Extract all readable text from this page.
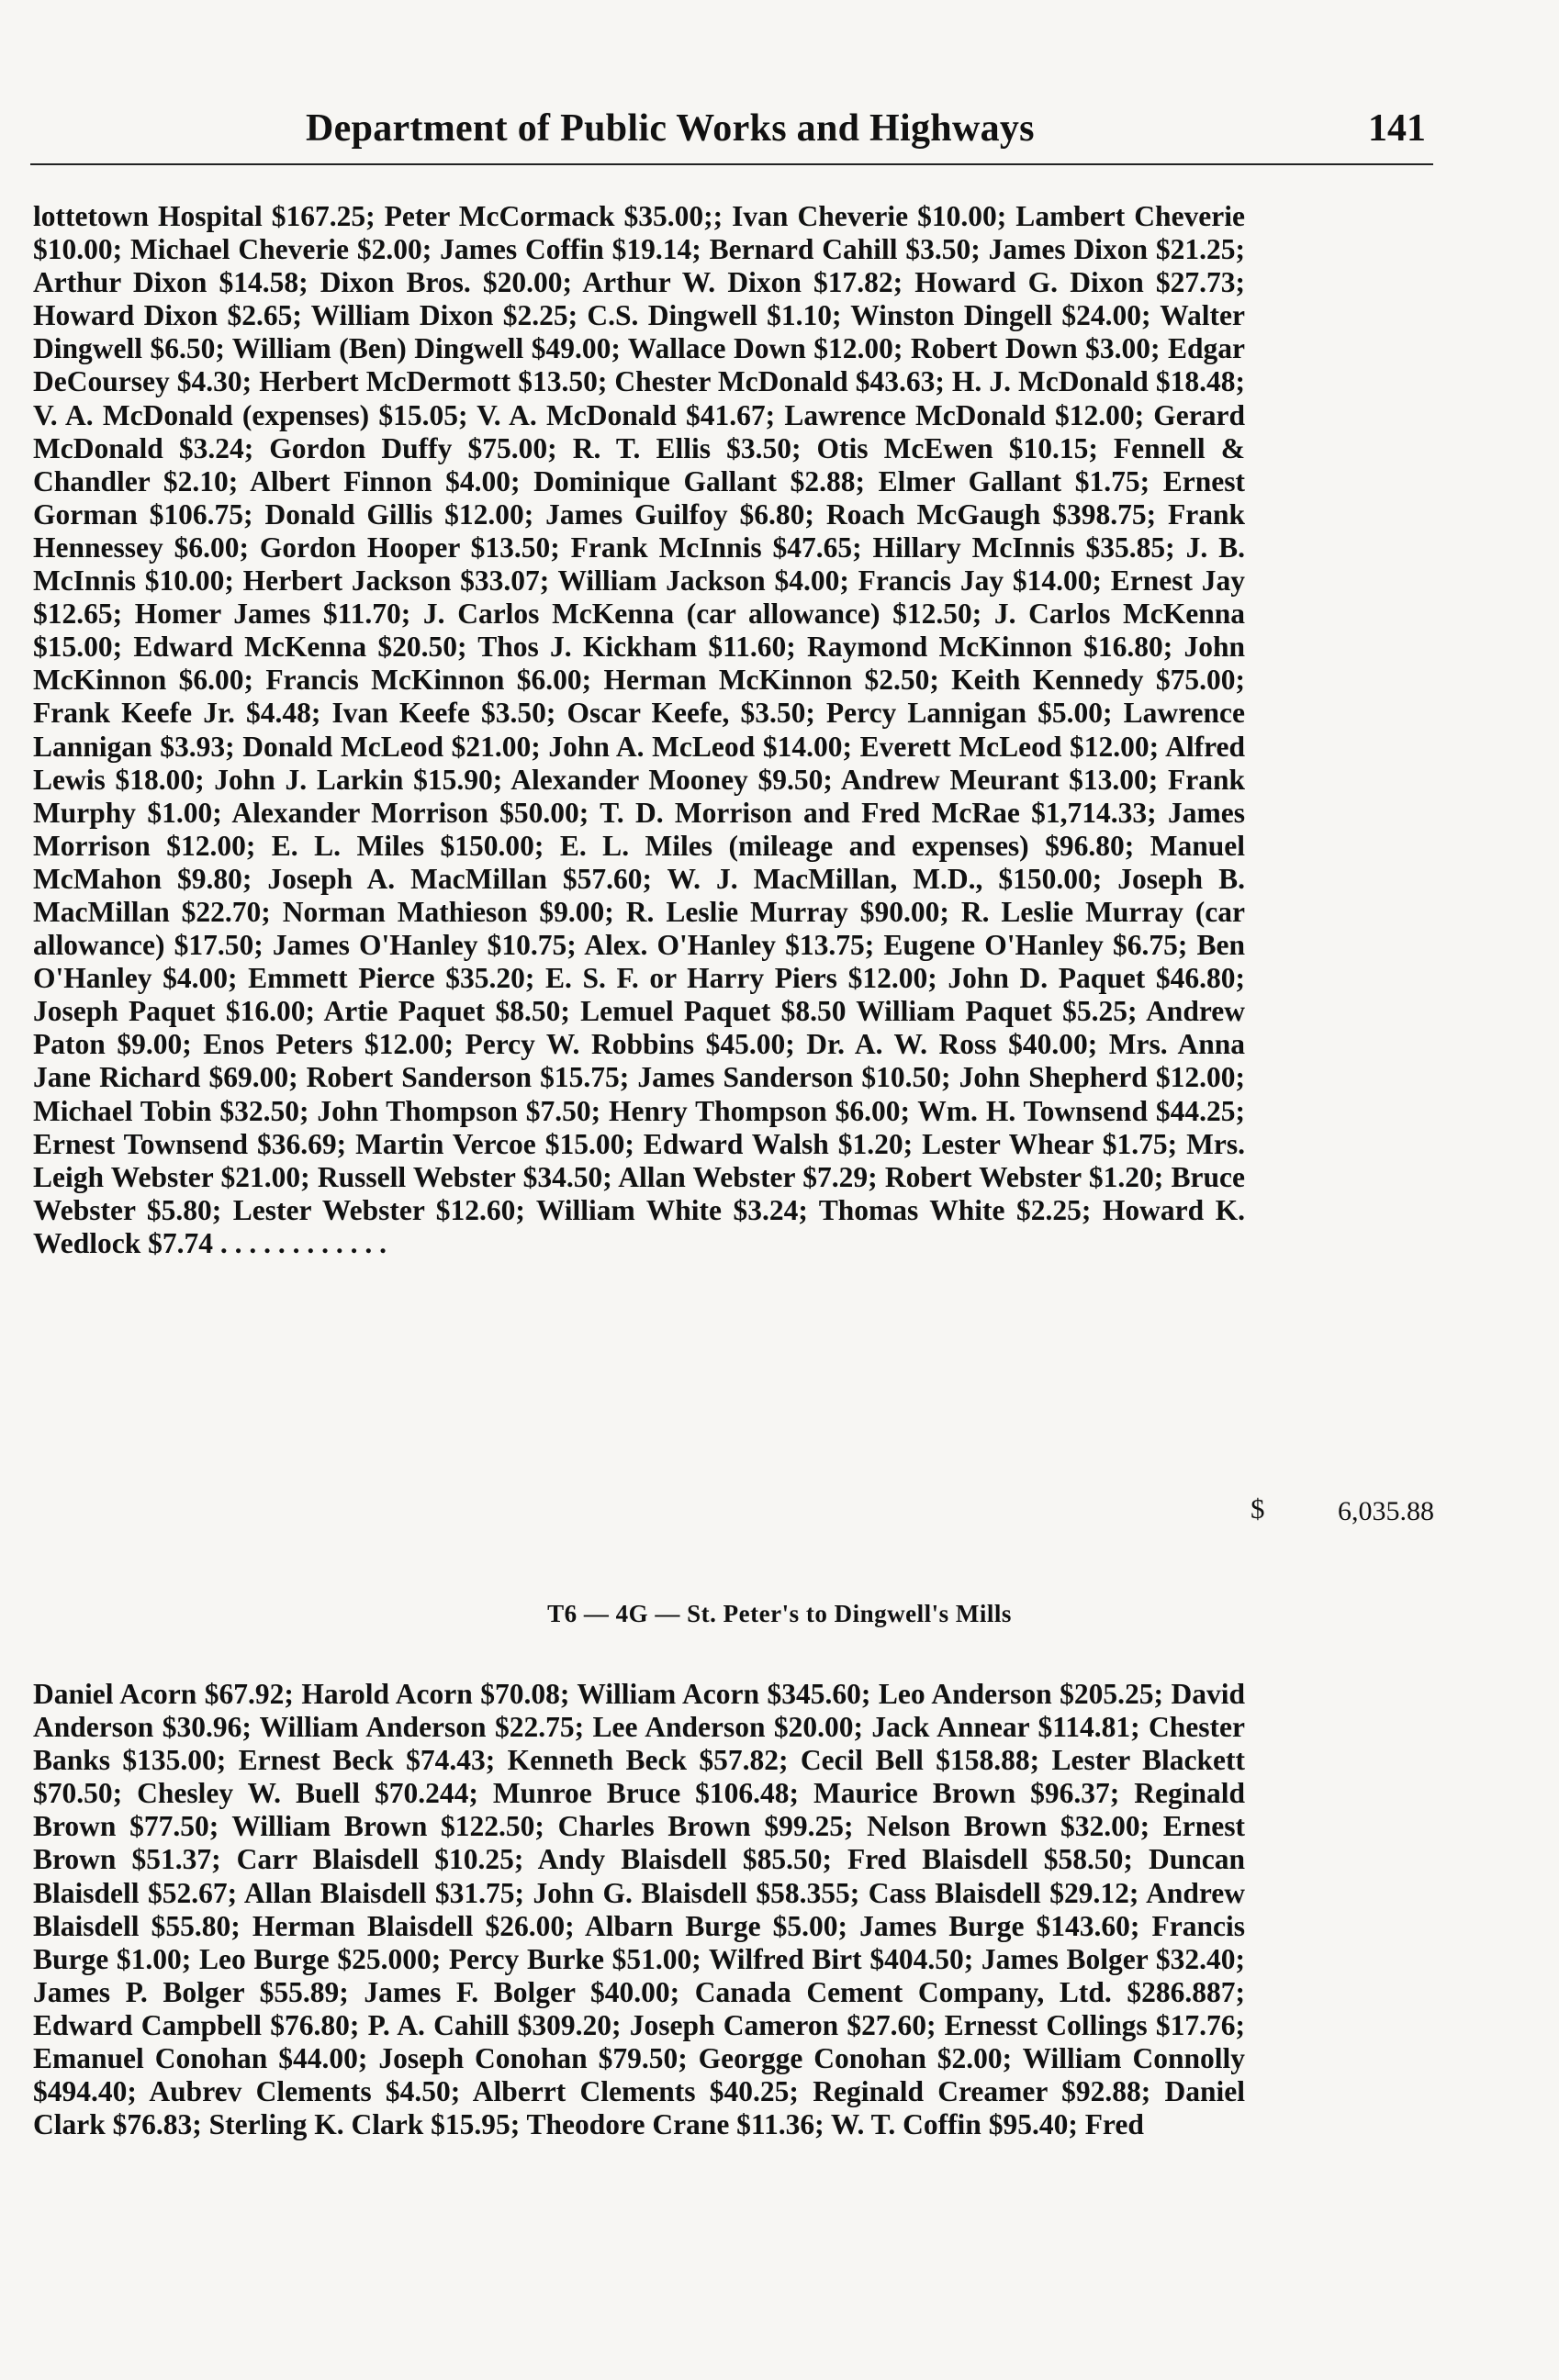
Department of Public Works and Highways	141
lottetown Hospital $167.25; Peter McCormack $35.00;; Ivan Cheverie $10.00; Lambert Cheverie $10.00; Michael Cheverie $2.00; James Coffin $19.14; Bernard Cahill $3.50; James Dixon $21.25; Arthur Dixon $14.58; Dixon Bros. $20.00; Arthur W. Dixon $17.82; Howard G. Dixon $27.73; Howard Dixon $2.65; William Dixon $2.25; C.S. Dingwell $1.10; Winston Dingell $24.00; Walter Dingwell $6.50; William (Ben) Dingwell $49.00; Wallace Down $12.00; Robert Down $3.00; Edgar DeCoursey $4.30; Herbert McDermott $13.50; Chester McDonald $43.63; H. J. McDonald $18.48; V. A. McDonald (expenses) $15.05; V. A. McDonald $41.67; Lawrence McDonald $12.00; Gerard McDonald $3.24; Gordon Duffy $75.00; R. T. Ellis $3.50; Otis McEwen $10.15; Fennell & Chandler $2.10; Albert Finnon $4.00; Dominique Gallant $2.88; Elmer Gallant $1.75; Ernest Gorman $106.75; Donald Gillis $12.00; James Guilfoy $6.80; Roach McGaugh $398.75; Frank Hennessey $6.00; Gordon Hooper $13.50; Frank McInnis $47.65; Hillary McInnis $35.85; J. B. McInnis $10.00; Herbert Jackson $33.07; William Jackson $4.00; Francis Jay $14.00; Ernest Jay $12.65; Homer James $11.70; J. Carlos McKenna (car allowance) $12.50; J. Carlos McKenna $15.00; Edward McKenna $20.50; Thos J. Kickham $11.60; Raymond McKinnon $16.80; John McKinnon $6.00; Francis McKinnon $6.00; Herman McKinnon $2.50; Keith Kennedy $75.00; Frank Keefe Jr. $4.48; Ivan Keefe $3.50; Oscar Keefe, $3.50; Percy Lannigan $5.00; Lawrence Lannigan $3.93; Donald McLeod $21.00; John A. McLeod $14.00; Everett McLeod $12.00; Alfred Lewis $18.00; John J. Larkin $15.90; Alexander Mooney $9.50; Andrew Meurant $13.00; Frank Murphy $1.00; Alexander Morrison $50.00; T. D. Morrison and Fred McRae $1,714.33; James Morrison $12.00; E. L. Miles $150.00; E. L. Miles (mileage and expenses) $96.80; Manuel McMahon $9.80; Joseph A. MacMillan $57.60; W. J. MacMillan, M.D., $150.00; Joseph B. MacMillan $22.70; Norman Mathieson $9.00; R. Leslie Murray $90.00; R. Leslie Murray (car allowance) $17.50; James O'Hanley $10.75; Alex. O'Hanley $13.75; Eugene O'Hanley $6.75; Ben O'Hanley $4.00; Emmett Pierce $35.20; E. S. F. or Harry Piers $12.00; John D. Paquet $46.80; Joseph Paquet $16.00; Artie Paquet $8.50; Lemuel Paquet $8.50 William Paquet $5.25; Andrew Paton $9.00; Enos Peters $12.00; Percy W. Robbins $45.00; Dr. A. W. Ross $40.00; Mrs. Anna Jane Richard $69.00; Robert Sanderson $15.75; James Sanderson $10.50; John Shepherd $12.00; Michael Tobin $32.50; John Thompson $7.50; Henry Thompson $6.00; Wm. H. Townsend $44.25; Ernest Townsend $36.69; Martin Vercoe $15.00; Edward Walsh $1.20; Lester Whear $1.75; Mrs. Leigh Webster $21.00; Russell Webster $34.50; Allan Webster $7.29; Robert Webster $1.20; Bruce Webster $5.80; Lester Webster $12.60; William White $3.24; Thomas White $2.25; Howard K. Wedlock $7.74 . . . . . . . . . . . .
$	6,035.88
T6 — 4G — St. Peter's to Dingwell's Mills
Daniel Acorn $67.92; Harold Acorn $70.08; William Acorn $345.60; Leo Anderson $205.25; David Anderson $30.96; William Anderson $22.75; Lee Anderson $20.00; Jack Annear $114.81; Chester Banks $135.00; Ernest Beck $74.43; Kenneth Beck $57.82; Cecil Bell $158.88; Lester Blackett $70.50; Chesley W. Buell $70.244; Munroe Bruce $106.48; Maurice Brown $96.37; Reginald Brown $77.50; William Brown $122.50; Charles Brown $99.25; Nelson Brown $32.00; Ernest Brown $51.37; Carr Blaisdell $10.25; Andy Blaisdell $85.50; Fred Blaisdell $58.50; Duncan Blaisdell $52.67; Allan Blaisdell $31.75; John G. Blaisdell $58.355; Cass Blaisdell $29.12; Andrew Blaisdell $55.80; Herman Blaisdell $26.00; Albarn Burge $5.00; James Burge $143.60; Francis Burge $1.00; Leo Burge $25.000; Percy Burke $51.00; Wilfred Birt $404.50; James Bolger $32.40; James P. Bolger $55.89; James F. Bolger $40.00; Canada Cement Company, Ltd. $286.887; Edward Campbell $76.80; P. A. Cahill $309.20; Joseph Cameron $27.60; Ernesst Collings $17.76; Emanuel Conohan $44.00; Joseph Conohan $79.50; Georgge Conohan $2.00; William Connolly $494.40; Aubrev Clements $4.50; Alberrt Clements $40.25; Reginald Creamer $92.88; Daniel Clark $76.83; Sterling K. Clark $15.95; Theodore Crane $11.36; W. T. Coffin $95.40; Fred
